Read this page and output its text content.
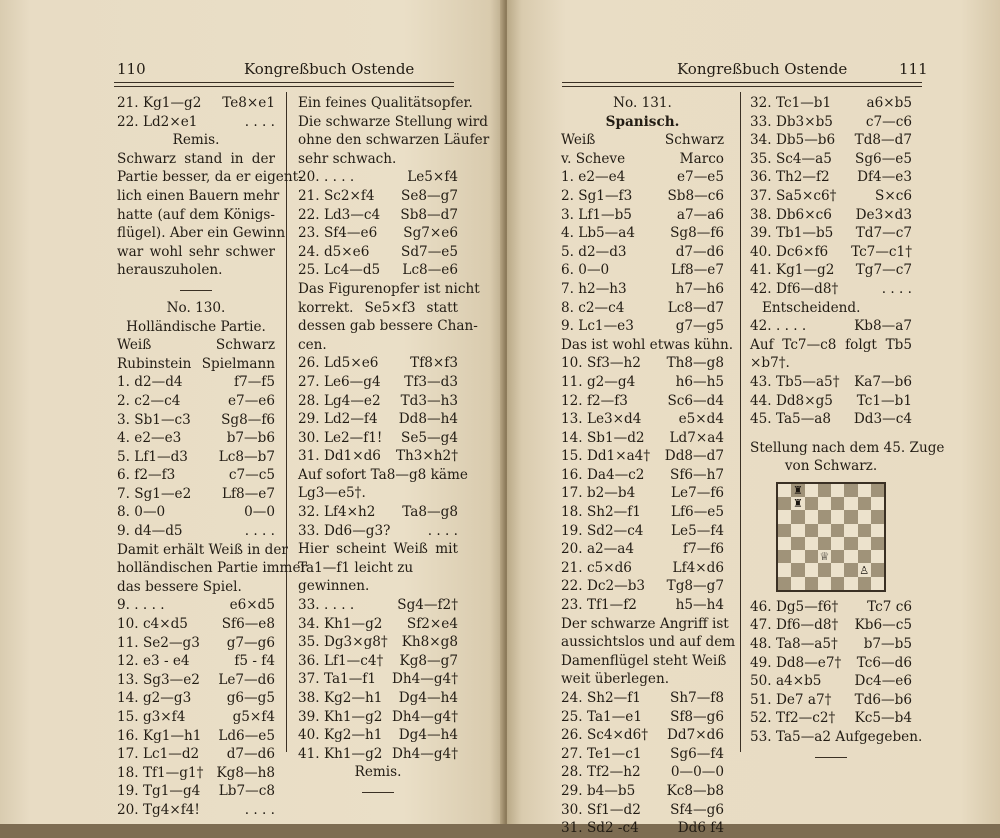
110	Kongreßbuch Ostende
21. Kg1—g2 Te8×e1
22. Ld2×e1	. . . .
Remis.
Schwarz stand in der
Partie besser, da er eigent-
lich einen Bauern mehr
hatte (auf dem Königs-
flügel). Aber ein Gewinn
war wohl sehr schwer
herauszuholen.
No. 130.
Holländische Partie.
Weiß	Schwarz
Rubinstein Spielmann
1. d2—d4	f7—f5
2. c2—c4	e7—e6
3. Sb1—c3 Sg8—f6
4. e2—e3	b7—b6
5. Lf1—d3 Lc8—b7
6. f2—f3	c7—c5
7. Sg1—e2 Lf8—e7
8. 0—0	0—0
9. d4—d5	. . . .
Damit erhält Weiß in der
holländischen Partie immer
das bessere Spiel.
9. . . . .	e6×d5
10. c4×d5 Sf6—e8
11. Se2—g3 g7—g6
12. e3 - e4	f5 - f4
13. Sg3—e2 Le7—d6
14. g2—g3	g6—g5
15. g3×f4	g5×f4
16. Kg1—h1 Ld6—e5
17. Lc1—d2 d7—d6
18. Tf1—g1† Kg8—h8
19. Tg1—g4 Lb7—c8
20. Tg4×f4!	. . . .
Ein feines Qualitätsopfer.
Die schwarze Stellung wird
ohne den schwarzen Läufer
sehr schwach.
20. . . . .	Le5×f4
21. Sc2×f4 Se8—g7
22. Ld3—c4 Sb8—d7
23. Sf4—e6 Sg7×e6
24. d5×e6 Sd7—e5
25. Lc4—d5 Lc8—e6
Das Figurenopfer ist nicht
korrekt. Se5×f3 statt
dessen gab bessere Chan-
cen.
26. Ld5×e6 Tf8×f3
27. Le6—g4 Tf3—d3
28. Lg4—e2 Td3—h3
29. Ld2—f4 Dd8—h4
30. Le2—f1! Se5—g4
31. Dd1×d6 Th3×h2†
Auf sofort Ta8—g8 käme
Lg3—e5†.
32. Lf4×h2 Ta8—g8
33. Dd6—g3?	. . . .
Hier scheint Weiß mit
Ta1—f1 leicht zu gewinnen.
33. . . . .	Sg4—f2†
34. Kh1—g2 Sf2×e4
35. Dg3×g8† Kh8×g8
36. Lf1—c4† Kg8—g7
37. Ta1—f1 Dh4—g4†
38. Kg2—h1 Dg4—h4
39. Kh1—g2 Dh4—g4†
40. Kg2—h1 Dg4—h4
41. Kh1—g2 Dh4—g4†
Remis.
Kongreßbuch Ostende	111
No. 131.
Spanisch.
Weiß	Schwarz
v. Scheve	Marco
1. e2—e4	e7—e5
2. Sg1—f3	Sb8—c6
3. Lf1—b5	a7—a6
4. Lb5—a4	Sg8—f6
5. d2—d3	d7—d6
6. 0—0	Lf8—e7
7. h2—h3	h7—h6
8. c2—c4	Lc8—d7
9. Lc1—e3	g7—g5
Das ist wohl etwas kühn.
10. Sf3—h2 Th8—g8
11. g2—g4	h6—h5
12. f2—f3	Sc6—d4
13. Le3×d4	e5×d4
14. Sb1—d2 Ld7×a4
15. Dd1×a4† Dd8—d7
16. Da4—c2 Sf6—h7
17. b2—b4	Le7—f6
18. Sh2—f1 Lf6—e5
19. Sd2—c4 Le5—f4
20. a2—a4	f7—f6
21. c5×d6	Lf4×d6
22. Dc2—b3 Tg8—g7
23. Tf1—f2	h5—h4
Der schwarze Angriff ist
aussichtslos und auf dem
Damenflügel steht Weiß
weit überlegen.
24. Sh2—f1 Sh7—f8
25. Ta1—e1 Sf8—g6
26. Sc4×d6† Dd7×d6
27. Te1—c1 Sg6—f4
28. Tf2—h2 0—0—0
29. b4—b5 Kc8—b8
30. Sf1—d2 Sf4—g6
31. Sd2 -c4	Dd6 f4
32. Tc1—b1	a6×b5
33. Db3×b5 c7—c6
34. Db5—b6 Td8—d7
35. Sc4—a5 Sg6—e5
36. Th2—f2 Df4—e3
37. Sa5×c6†	S×c6
38. Db6×c6 De3×d3
39. Tb1—b5 Td7—c7
40. Dc6×f6 Tc7—c1†
41. Kg1—g2 Tg7—c7
42. Df6—d8†	. . . .
Entscheidend.
42. . . . .	Kb8—a7
Auf Tc7—c8 folgt Tb5
×b7†.
43. Tb5—a5† Ka7—b6
44. Dd8×g5 Tc1—b1
45. Ta5—a8 Dd3—c4
Stellung nach dem 45. Zuge
von Schwarz.
♜
♜
♕
♙
46. Dg5—f6† Tc7 c6
47. Df6—d8† Kb6—c5
48. Ta8—a5† b7—b5
49. Dd8—e7† Tc6—d6
50. a4×b5 Dc4—e6
51. De7 a7† Td6—b6
52. Tf2—c2† Kc5—b4
53. Ta5—a2 Aufgegeben.
